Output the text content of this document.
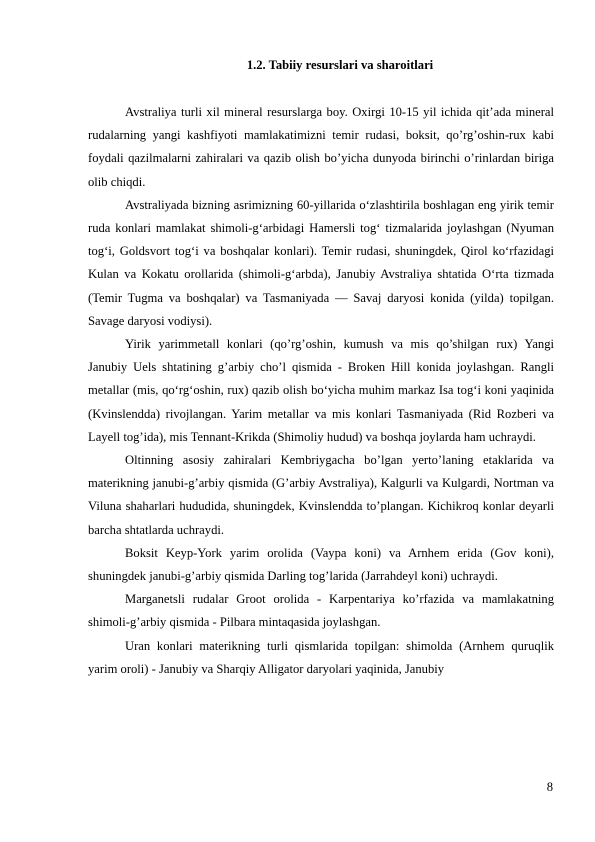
1.2. Tabiiy resurslari va sharoitlari

Avstraliya turli xil mineral resurslarga boy. Oxirgi 10-15 yil ichida qit’ada mineral rudalarning yangi kashfiyoti mamlakatimizni temir rudasi, boksit, qo’rg’oshin-rux kabi foydali qazilmalarni zahiralari va qazib olish bo’yicha dunyoda birinchi o’rinlardan biriga olib chiqdi.

Avstraliyada bizning asrimizning 60-yillarida o‘zlashtirila boshlagan eng yirik temir ruda konlari mamlakat shimoli-g‘arbidagi Hamersli tog‘ tizmalarida joylashgan (Nyuman tog‘i, Goldsvort tog‘i va boshqalar konlari). Temir rudasi, shuningdek, Qirol ko‘rfazidagi Kulan va Kokatu orollarida (shimoli-g‘arbda), Janubiy Avstraliya shtatida O‘rta tizmada (Temir Tugma va boshqalar) va Tasmaniyada — Savaj daryosi konida (yilda) topilgan. Savage daryosi vodiysi).

Yirik yarimmetall konlari (qo’rg’oshin, kumush va mis qo’shilgan rux) Yangi Janubiy Uels shtatining g’arbiy cho’l qismida - Broken Hill konida joylashgan. Rangli metallar (mis, qo‘rg‘oshin, rux) qazib olish bo‘yicha muhim markaz Isa tog‘i koni yaqinida (Kvinslendda) rivojlangan. Yarim metallar va mis konlari Tasmaniyada (Rid Rozberi va Layell tog’ida), mis Tennant-Krikda (Shimoliy hudud) va boshqa joylarda ham uchraydi.

Oltinning asosiy zahiralari Kembriygacha bo’lgan yerto’laning etaklarida va materikning janubi-g’arbiy qismida (G’arbiy Avstraliya), Kalgurli va Kulgardi, Nortman va Viluna shaharlari hududida, shuningdek, Kvinslendda to’plangan. Kichikroq konlar deyarli barcha shtatlarda uchraydi.

Boksit Keyp-York yarim orolida (Vaypa koni) va Arnhem erida (Gov koni), shuningdek janubi-g’arbiy qismida Darling tog’larida (Jarrahdeyl koni) uchraydi.

Marganetsli rudalar Groot orolida - Karpentariya ko’rfazida va mamlakatning shimoli-g’arbiy qismida - Pilbara mintaqasida joylashgan.

Uran konlari materikning turli qismlarida topilgan: shimolda (Arnhem quruqlik yarim oroli) - Janubiy va Sharqiy Alligator daryolari yaqinida, Janubiy

8
